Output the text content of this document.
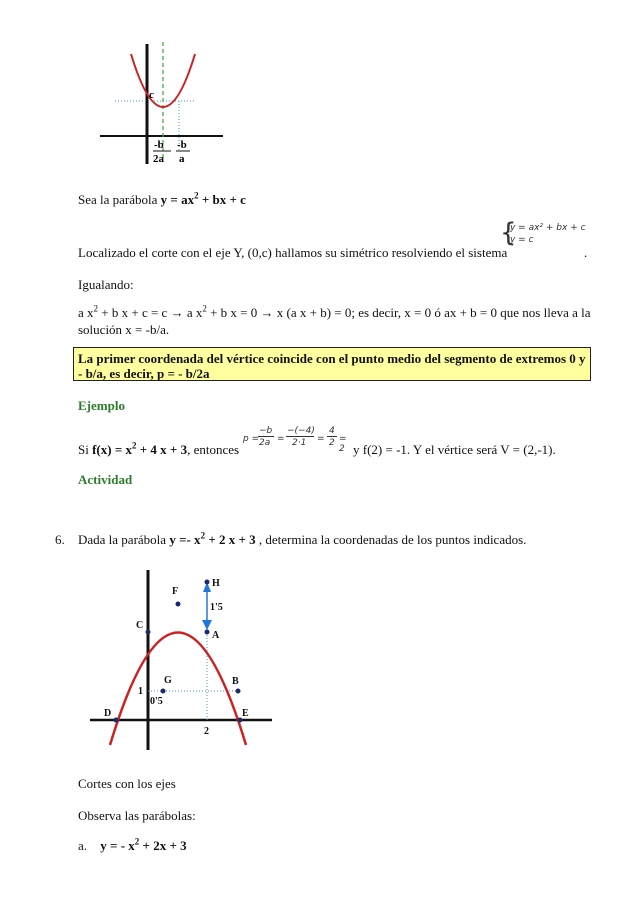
c
-b
2a
-b
a
Sea la parábola $y = ax^2$ + bx + c
{
y = ax² + bx + c
y = c
Localizado el corte con el eje Y, (0,c) hallamos su simétrico resolviendo el sistema	.
Igualando:
a $x^2 + b$ x + c = c → a $x^2 + b$ x = 0 → x (a x + b) = 0; es decir, x = 0 ó ax + b = 0 que nos lleva a la
solución x = -b/a.
La primer coordenada del vértice coincide con el punto medio del segmento de extremos 0 y
- b/a, es decir, p = - b/2a
Ejemplo
p =
−b
2a =
−(−4)
2·1 =
4
2 = 2
Si $f(x) = x^2 + 4$ x + 3, entonces	y f(2) = -1. Y el vértice será V = (2,-1).
Actividad
6. Dada la parábola $y =- x^2 + 2$ x + 3 , determina la coordenadas de los puntos indicados.
H
F
1'5
C
A
G	B
1
0'5
D	E
2
Cortes con los ejes
Observa las parábolas:
a. y = - $x^2 + 2x + 3$
